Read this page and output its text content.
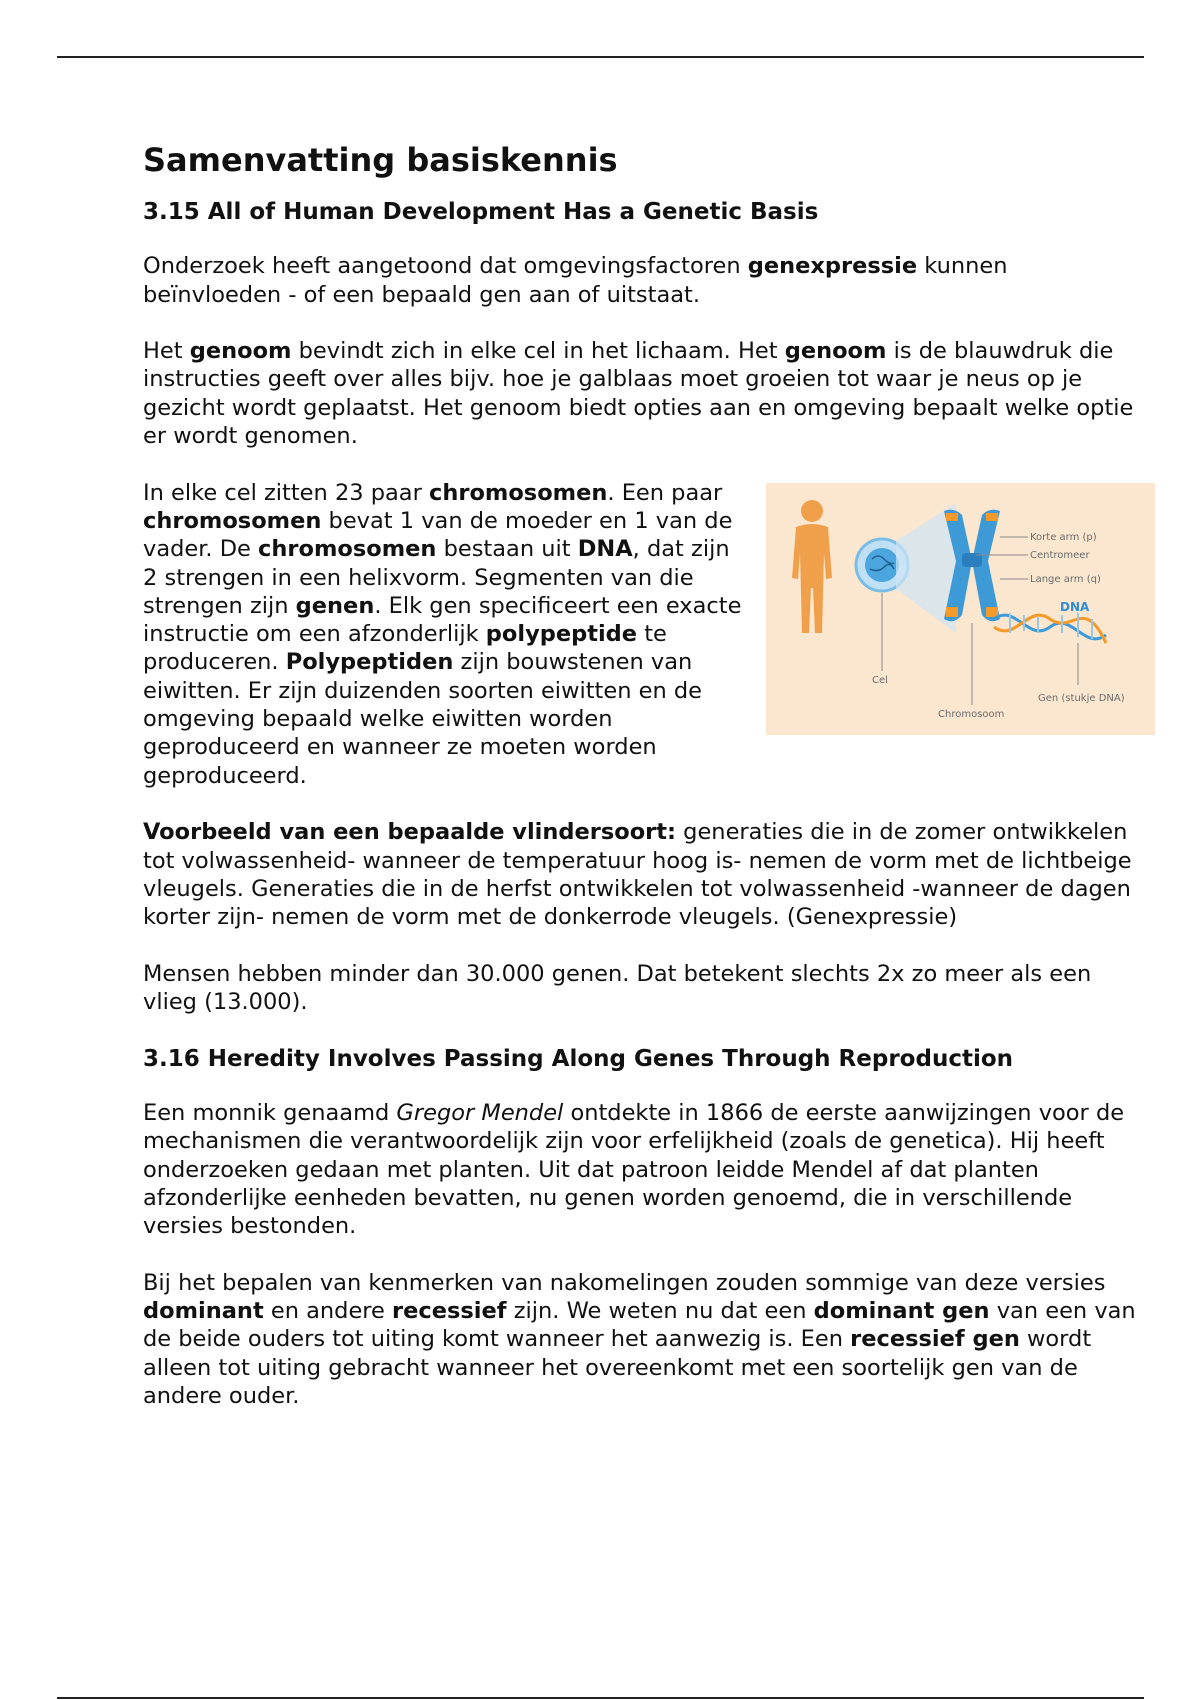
Samenvatting basiskennis
3.15 All of Human Development Has a Genetic Basis

Onderzoek heeft aangetoond dat omgevingsfactoren genexpressie kunnen beïnvloeden - of een bepaald gen aan of uitstaat.

Het genoom bevindt zich in elke cel in het lichaam. Het genoom is de blauwdruk die instructies geeft over alles bijv. hoe je galblaas moet groeien tot waar je neus op je gezicht wordt geplaatst. Het genoom biedt opties aan en omgeving bepaalt welke optie er wordt genomen.

Korte arm (p)
Centromeer
Lange arm (q)
DNA
Cel
Chromosoom
Gen (stukje DNA)

In elke cel zitten 23 paar chromosomen. Een paar chromosomen bevat 1 van de moeder en 1 van de vader. De chromosomen bestaan uit DNA, dat zijn 2 strengen in een helixvorm. Segmenten van die strengen zijn genen. Elk gen specificeert een exacte instructie om een afzonderlijk polypeptide te produceren. Polypeptiden zijn bouwstenen van eiwitten. Er zijn duizenden soorten eiwitten en de omgeving bepaald welke eiwitten worden geproduceerd en wanneer ze moeten worden geproduceerd.

Voorbeeld van een bepaalde vlindersoort: generaties die in de zomer ontwikkelen tot volwassenheid- wanneer de temperatuur hoog is- nemen de vorm met de lichtbeige vleugels. Generaties die in de herfst ontwikkelen tot volwassenheid -wanneer de dagen korter zijn- nemen de vorm met de donkerrode vleugels. (Genexpressie)

Mensen hebben minder dan 30.000 genen. Dat betekent slechts 2x zo meer als een vlieg (13.000).

3.16 Heredity Involves Passing Along Genes Through Reproduction

Een monnik genaamd Gregor Mendel ontdekte in 1866 de eerste aanwijzingen voor de mechanismen die verantwoordelijk zijn voor erfelijkheid (zoals de genetica). Hij heeft onderzoeken gedaan met planten. Uit dat patroon leidde Mendel af dat planten afzonderlijke eenheden bevatten, nu genen worden genoemd, die in verschillende versies bestonden.

Bij het bepalen van kenmerken van nakomelingen zouden sommige van deze versies dominant en andere recessief zijn. We weten nu dat een dominant gen van een van de beide ouders tot uiting komt wanneer het aanwezig is. Een recessief gen wordt alleen tot uiting gebracht wanneer het overeenkomt met een soortelijk gen van de andere ouder.
